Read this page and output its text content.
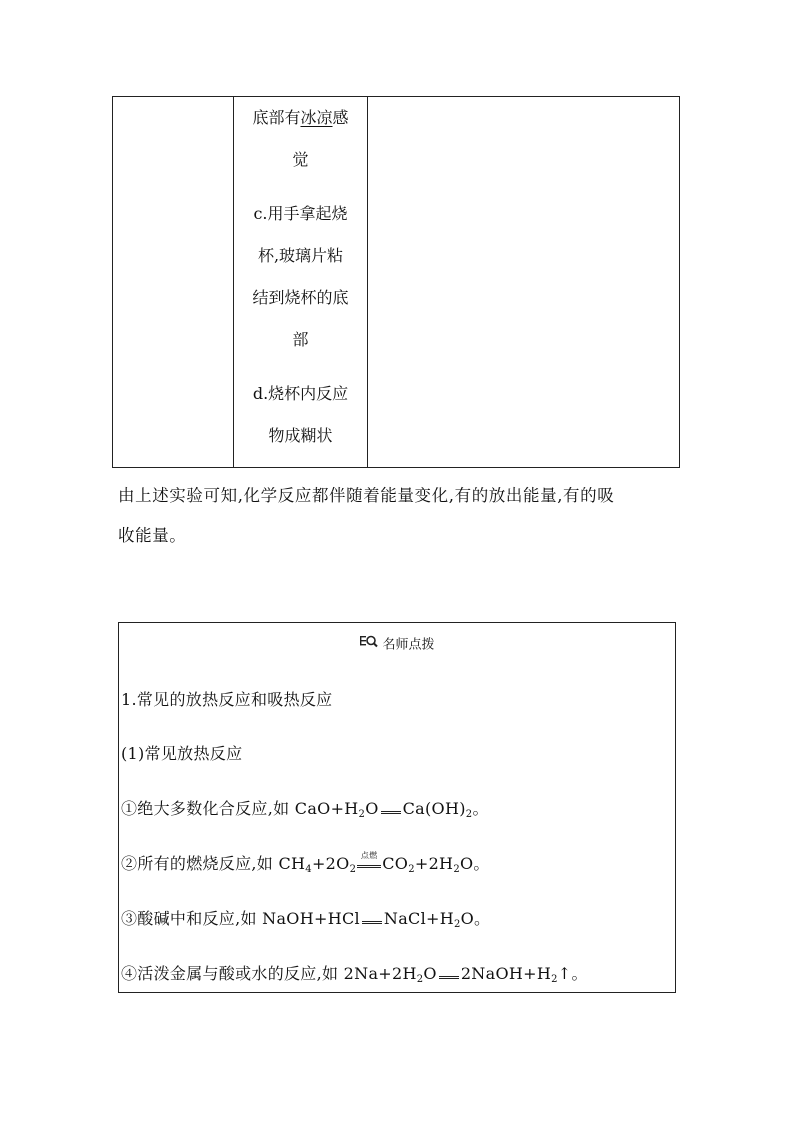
底部有冰凉感
觉
c.用手拿起烧
杯,玻璃片粘
结到烧杯的底
部
d.烧杯内反应
物成糊状
由上述实验可知,化学反应都伴随着能量变化,有的放出能量,有的吸
收能量。
名师点拨
1.常见的放热反应和吸热反应
(1)常见放热反应
①绝大多数化合反应,如 $CaO+H_2O$ $Ca(OH)_2$。
②所有的燃烧反应,如 $CH_4+2O_2$
点燃 $CO_2+2H_2O$。
③酸碱中和反应,如 NaOH+HCl $NaCl+H_2O$。
④活泼金属与酸或水的反应,如 $2Na+2H_2O$ $2NaOH+H_2↑$。
